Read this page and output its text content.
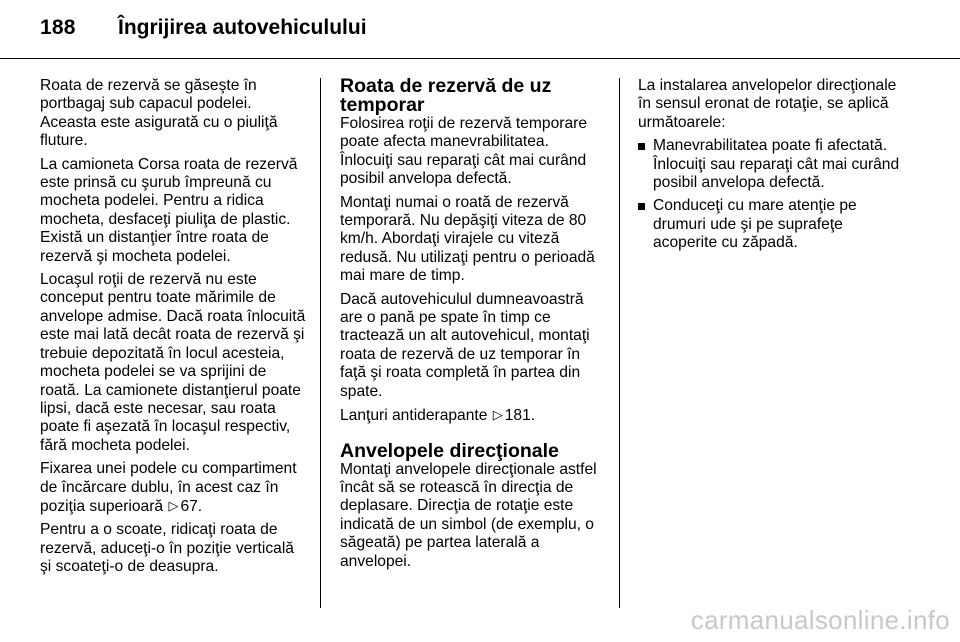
188 Îngrijirea autovehiculului

Roata de rezervă se găseşte în portbagaj sub capacul podelei. Aceasta este asigurată cu o piuliţă fluture.

La camioneta Corsa roata de rezervă este prinsă cu şurub împreună cu mocheta podelei. Pentru a ridica mocheta, desfaceţi piuliţa de plastic. Există un distanţier între roata de rezervă şi mocheta podelei.

Locaşul roţii de rezervă nu este conceput pentru toate mărimile de anvelope admise. Dacă roata înlocuită este mai lată decât roata de rezervă şi trebuie depozitată în locul acesteia, mocheta podelei se va sprijini de roată. La camionete distanţierul poate lipsi, dacă este necesar, sau roata poate fi aşezată în locaşul respectiv, fără mocheta podelei.

Fixarea unei podele cu compartiment de încărcare dublu, în acest caz în poziţia superioară ▷ 67.

Pentru a o scoate, ridicaţi roata de rezervă, aduceţi-o în poziţie verticală şi scoateţi-o de deasupra.

Roata de rezervă de uz temporar

Folosirea roţii de rezervă temporare poate afecta manevrabilitatea. Înlocuiţi sau reparaţi cât mai curând posibil anvelopa defectă.

Montaţi numai o roată de rezervă temporară. Nu depăşiţi viteza de 80 km/h. Abordaţi virajele cu viteză redusă. Nu utilizaţi pentru o perioadă mai mare de timp.

Dacă autovehiculul dumneavoastră are o pană pe spate în timp ce tractează un alt autovehicul, montaţi roata de rezervă de uz temporar în faţă şi roata completă în partea din spate.

Lanţuri antiderapante ▷ 181.

Anvelopele direcţionale

Montaţi anvelopele direcţionale astfel încât să se rotească în direcţia de deplasare. Direcţia de rotaţie este indicată de un simbol (de exemplu, o săgeată) pe partea laterală a anvelopei.

La instalarea anvelopelor direcţionale în sensul eronat de rotaţie, se aplică următoarele:

Manevrabilitatea poate fi afectată. Înlocuiţi sau reparaţi cât mai curând posibil anvelopa defectă.
Conduceţi cu mare atenţie pe drumuri ude şi pe suprafeţe acoperite cu zăpadă.
carmanualsonline.info
